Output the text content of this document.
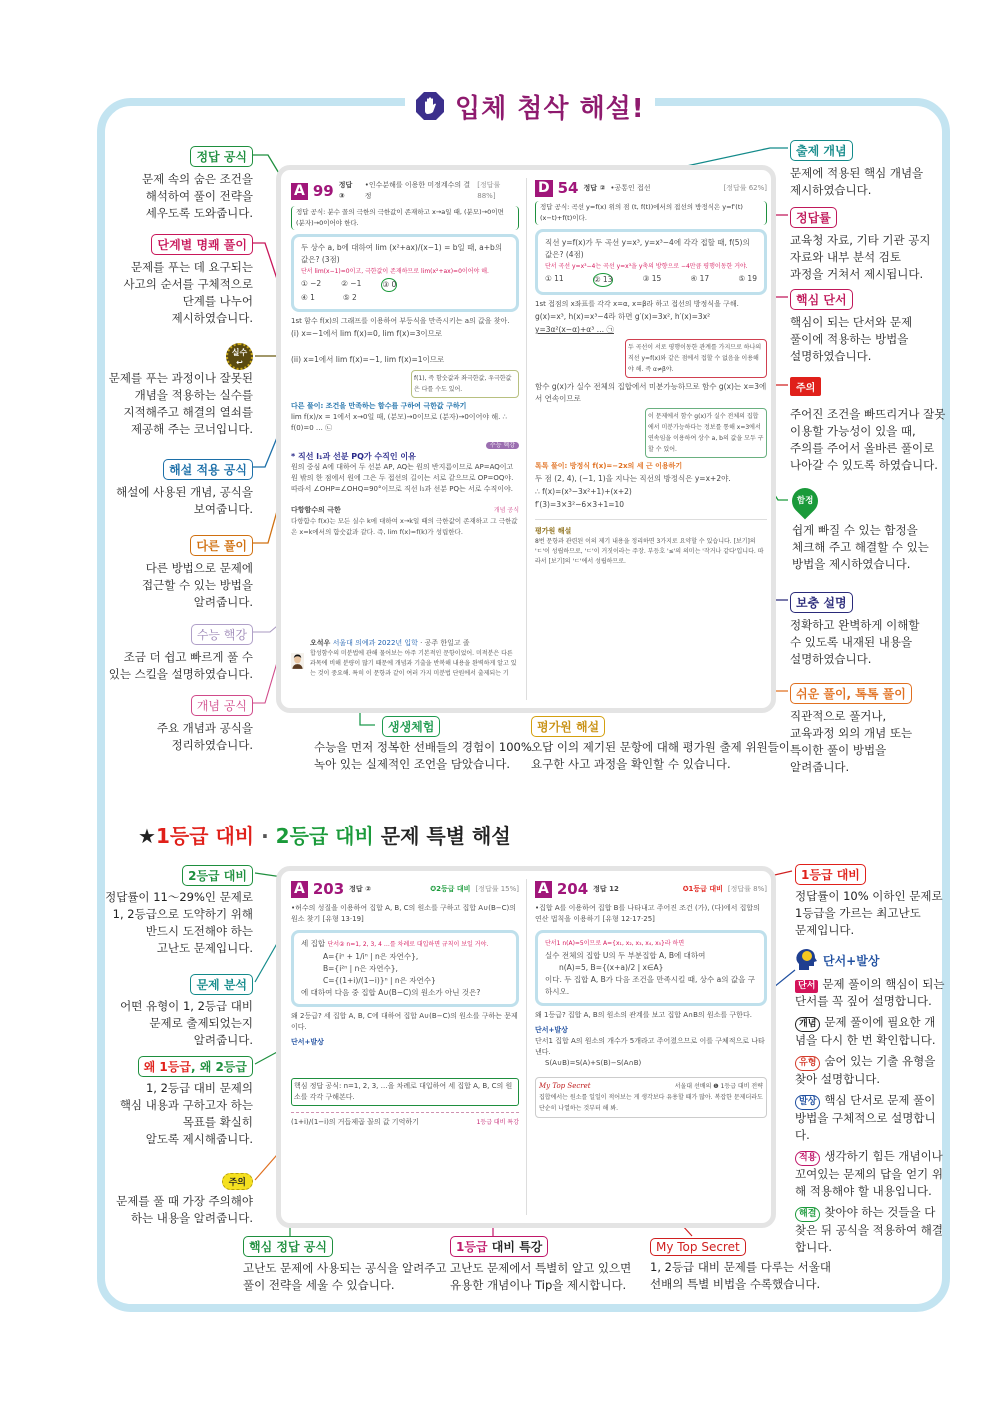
입체 첨삭 해설!
정답 공식
문제 속의 숨은 조건을
해석하여 풀이 전략을
세우도록 도와줍니다.
단계별 명쾌 풀이
문제를 푸는 데 요구되는
사고의 순서를 구체적으로
단계를 나누어
제시하였습니다.
실수
↩
문제를 푸는 과정이나 잘못된
개념을 적용하는 실수를
지적해주고 해결의 열쇠를
제공해 주는 코너입니다.
해설 적용 공식
해설에 사용된 개념, 공식을
보여줍니다.
다른 풀이
다른 방법으로 문제에
접근할 수 있는 방법을
알려줍니다.
수능 핵강
조금 더 쉽고 빠르게 풀 수
있는 스킬을 설명하였습니다.
개념 공식
주요 개념과 공식을
정리하였습니다.
출제 개념
문제에 적용된 핵심 개념을
제시하였습니다.
정답률
교육청 자료, 기타 기관 공지
자료와 내부 분석 검토
과정을 거쳐서 제시됩니다.
핵심 단서
핵심이 되는 단서와 문제
풀이에 적용하는 방법을
설명하였습니다.
주의
주어진 조건을 빠뜨리거나 잘못
이용할 가능성이 있을 때,
주의를 주어서 올바른 풀이로
나아갈 수 있도록 하였습니다.
함정
쉽게 빠질 수 있는 함정을
체크해 주고 해결할 수 있는
방법을 제시하였습니다.
보충 설명
정확하고 완벽하게 이해할
수 있도록 내재된 내용을
설명하였습니다.
쉬운 풀이, 톡톡 풀이
직관적으로 풀거나,
교육과정 외의 개념 또는
특이한 풀이 방법을
알려줍니다.
A 99 정답 ③
•인수분해를 이용한 미정계수의 결정
[정답률 88%]
정답 공식: 분수 꼴의 극한의 극한값이 존재하고 x→a일 때, (분모)→0이면 (분자)→0이어야 한다.
두 상수 a, b에 대하여 lim (x²+ax)/(x−1) = b일 때, a+b의 값은? (3점)
단서 lim(x−1)=0이고, 극한값이 존재하므로 lim(x²+ax)=0이어야 해.
① −2	② −1	③ 0
④ 1	⑤ 2
1st 함수 f(x)의 그래프를 이용하여 부등식을 만족시키는 a의 값을 찾아.
(i) x=−1에서 lim f(x)=0, lim f(x)=3이므로
(ii) x=1에서 lim f(x)=−1, lim f(x)=1이므로
f(1), 즉 함숫값과 좌극한값, 우극한값은 다를 수도 있어.
다른 풀이: 조건을 만족하는 함수를 구하여 극한값 구하기
lim f(x)/x = 1에서 x→0일 때, (분모)→0이므로 (분자)→0이어야 해. ∴ f(0)=0 … ㉡
수능 핵강
* 직선 l₁과 선분 PQ가 수직인 이유
원의 중심 A에 대하여 두 선분 AP, AQ는 원의 반지름이므로 AP=AQ이고 원 밖의 한 점에서 원에 그은 두 접선의 길이는 서로 같으므로 OP=OQ야. 따라서 ∠OHP=∠OHQ=90°이므로 직선 l₁과 선분 PQ는 서로 수직이야.
다항함수의 극한	개념 공식
다항함수 f(x)는 모든 실수 k에 대하여 x→k일 때의 극한값이 존재하고 그 극한값은 x=k에서의 함숫값과 같다. 즉, lim f(x)=f(k)가 성립한다.
오석우 서울대 의예과 2022년 입학 · 공주 한일고 졸
합성함수의 미분법에 관해 물어보는 아주 기본적인 문항이었어. 미적분은 다른 과목에 비해 분량이 많기 때문에 개념과 기출을 반복해 내용을 완벽하게 알고 있는 것이 중요해. 특히 이 문항과 같이 여러 가지 미분법 단원에서 출제되는 기
D 54 정답 ② •공통인 접선	[정답률 62%]
정답 공식: 곡선 y=f(x) 위의 점 (t, f(t))에서의 접선의 방정식은 y=f′(t)(x−t)+f(t)이다.
직선 y=f(x)가 두 곡선 y=x³, y=x³−4에 각각 접할 때, f(5)의 값은? (4점)
단서 곡선 y=x³−4는 곡선 y=x³을 y축의 방향으로 −4만큼 평행이동한 거야.
① 11	② 13	③ 15	④ 17	⑤ 19
1st 접점의 x좌표를 각각 x=α, x=β라 하고 접선의 방정식을 구해.
g(x)=x³, h(x)=x³−4라 하면 g′(x)=3x², h′(x)=3x²
y=3α²(x−α)+α³ … ㉠
두 곡선이 서로 평행이동한 관계를 가지므로 하나의 직선 y=f(x)와 같은 점에서 접할 수 없음을 이용해야 해. 즉 α≠β야.
함수 g(x)가 실수 전체의 집합에서 미분가능하므로 함수 g(x)는 x=3에서 연속이므로
이 문제에서 함수 g(x)가 실수 전체의 집합에서 미분가능하다는 정보를 통해 x=3에서 연속임을 이용하여 상수 a, b의 값을 모두 구할 수 있어.
톡톡 풀이: 방정식 f(x)=−2x의 세 근 이용하기
두 점 (2, 4), (−1, 1)을 지나는 직선의 방정식은 y=x+2야.
∴ f(x)=(x³−3x²+1)+(x+2)
f′(3)=3×3²−6×3+1=10
평가원 해설
8번 문항과 관련된 이의 제기 내용을 정리하면 3가지로 요약할 수 있습니다. [보기]의 'ㄷ'이 성립하므로, 'ㄷ'이 거짓이라는 주장. 부등호 '≤'의 의미는 '작거나 같다'입니다. 따라서 [보기]의 'ㄷ'에서 성립하므로.
생생체험
수능을 먼저 정복한 선배들의 경험이 100%
녹아 있는 실제적인 조언을 담았습니다.
평가원 해설
오답 이의 제기된 문항에 대해 평가원 출제 위원들이
요구한 사고 과정을 확인할 수 있습니다.
★1등급 대비 · 2등급 대비 문제 특별 해설
2등급 대비
정답률이 11～29%인 문제로
1, 2등급으로 도약하기 위해
반드시 도전해야 하는
고난도 문제입니다.
문제 분석
어떤 유형이 1, 2등급 대비
문제로 출제되었는지
알려줍니다.
왜 1등급, 왜 2등급
1, 2등급 대비 문제의
핵심 내용과 구하고자 하는
목표를 확실히
알도록 제시해줍니다.
주의
문제를 풀 때 가장 주의해야
하는 내용을 알려줍니다.
1등급 대비
정답률이 10% 이하인 문제로
1등급을 가르는 최고난도
문제입니다.
단서+발상
단서 문제 풀이의 핵심이 되는 단서를 꼭 짚어 설명합니다.
개념 문제 풀이에 필요한 개념을 다시 한 번 확인합니다.
유형 숨어 있는 기출 유형을 찾아 설명합니다.
발상 핵심 단서로 문제 풀이 방법을 구체적으로 설명합니다.
적용 생각하기 힘든 개념이나 꼬여있는 문제의 답을 얻기 위해 적용해야 할 내용입니다.
해결 찾아야 하는 것들을 다 찾은 뒤 공식을 적용하여 해결합니다.
A 203 정답 ②	✪2등급 대비 [정답률 15%]
•허수의 성질을 이용하여 집합 A, B, C의 원소를 구하고 집합 A∪(B−C)의 원소 찾기 [유형 13·19]
세 집합 단서② n=1, 2, 3, 4 …를 차례로 대입하면 규칙이 보일 거야.
A={iⁿ + 1/iⁿ | n은 자연수},
B={i²ⁿ | n은 자연수},
C={(1+i)/(1−i)}ⁿ | n은 자연수}
에 대하여 다음 중 집합 A∪(B−C)의 원소가 아닌 것은?
왜 2등급? 세 집합 A, B, C에 대하여 집합 A∪(B−C)의 원소를 구하는 문제이다.
단서+발상
핵심 정답 공식: n=1, 2, 3, …을 차례로 대입하여 세 집합 A, B, C의 원소를 각각 구해본다.
(1+i)/(1−i)의 거듭제곱 꼴의 값 기억하기	1등급 대비 특강
A 204 정답 12	✪1등급 대비 [정답률 8%]
•집합 A를 이용하여 집합 B를 나타내고 주어진 조건 (가), (다)에서 집합의 연산 법칙을 이용하기 [유형 12·17·25]
단서1 n(A)=5이므로 A={x₁, x₂, x₃, x₄, x₅}라 하면
실수 전체의 집합 U의 두 부분집합 A, B에 대하여
n(A)=5, B={(x+a)/2 | x∈A}
이다. 두 집합 A, B가 다음 조건을 만족시킬 때, 상수 a의 값을 구하시오.
왜 1등급? 집합 A, B의 원소의 관계를 보고 집합 A∩B의 원소를 구한다.
단서+발상
단서1 집합 A의 원소의 개수가 5개라고 주어졌으므로 이를 구체적으로 나타낸다.
S(A∪B)=S(A)+S(B)−S(A∩B)
My Top Secret	서울대 선배의 ❶ 1등급 대비 전략
집합에서는 원소를 일일이 적어보는 게 생각보다 유용할 때가 많아. 복잡한 문제더라도 단순히 나열하는 것부터 해 봐.
핵심 정답 공식
고난도 문제에 사용되는 공식을 알려주고
풀이 전략을 세울 수 있습니다.
1등급 대비 특강
고난도 문제에서 특별히 알고 있으면
유용한 개념이나 Tip을 제시합니다.
My Top Secret
1, 2등급 대비 문제를 다루는 서울대
선배의 특별 비법을 수록했습니다.
